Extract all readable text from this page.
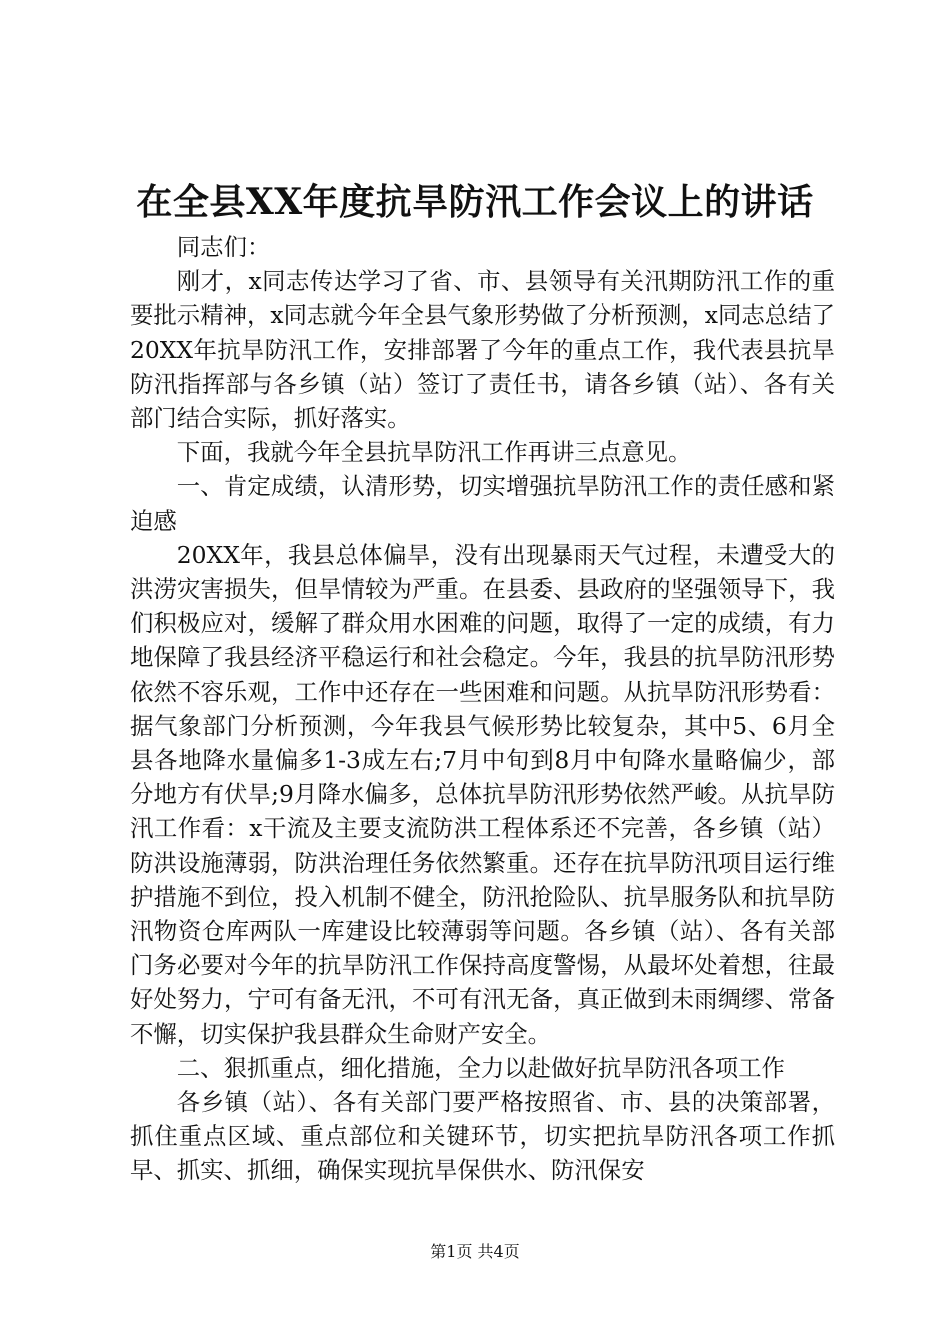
在全县XX年度抗旱防汛工作会议上的讲话

同志们：

刚才，x同志传达学习了省、市、县领导有关汛期防汛工作的重要批示精神，x同志就今年全县气象形势做了分析预测，x同志总结了20XX年抗旱防汛工作，安排部署了今年的重点工作，我代表县抗旱防汛指挥部与各乡镇（站）签订了责任书，请各乡镇（站）、各有关部门结合实际，抓好落实。

下面，我就今年全县抗旱防汛工作再讲三点意见。

一、肯定成绩，认清形势，切实增强抗旱防汛工作的责任感和紧迫感

20XX年，我县总体偏旱，没有出现暴雨天气过程，未遭受大的洪涝灾害损失，但旱情较为严重。在县委、县政府的坚强领导下，我们积极应对，缓解了群众用水困难的问题，取得了一定的成绩，有力地保障了我县经济平稳运行和社会稳定。今年，我县的抗旱防汛形势依然不容乐观，工作中还存在一些困难和问题。从抗旱防汛形势看：据气象部门分析预测，今年我县气候形势比较复杂，其中5、6月全县各地降水量偏多1-3成左右;7月中旬到8月中旬降水量略偏少，部分地方有伏旱;9月降水偏多，总体抗旱防汛形势依然严峻。从抗旱防汛工作看：x干流及主要支流防洪工程体系还不完善，各乡镇（站）防洪设施薄弱，防洪治理任务依然繁重。还存在抗旱防汛项目运行维护措施不到位，投入机制不健全，防汛抢险队、抗旱服务队和抗旱防汛物资仓库两队一库建设比较薄弱等问题。各乡镇（站）、各有关部门务必要对今年的抗旱防汛工作保持高度警惕，从最坏处着想，往最好处努力，宁可有备无汛，不可有汛无备，真正做到未雨绸缪、常备不懈，切实保护我县群众生命财产安全。

二、狠抓重点，细化措施，全力以赴做好抗旱防汛各项工作

各乡镇（站）、各有关部门要严格按照省、市、县的决策部署，抓住重点区域、重点部位和关键环节，切实把抗旱防汛各项工作抓早、抓实、抓细，确保实现抗旱保供水、防汛保安

第1页 共4页
